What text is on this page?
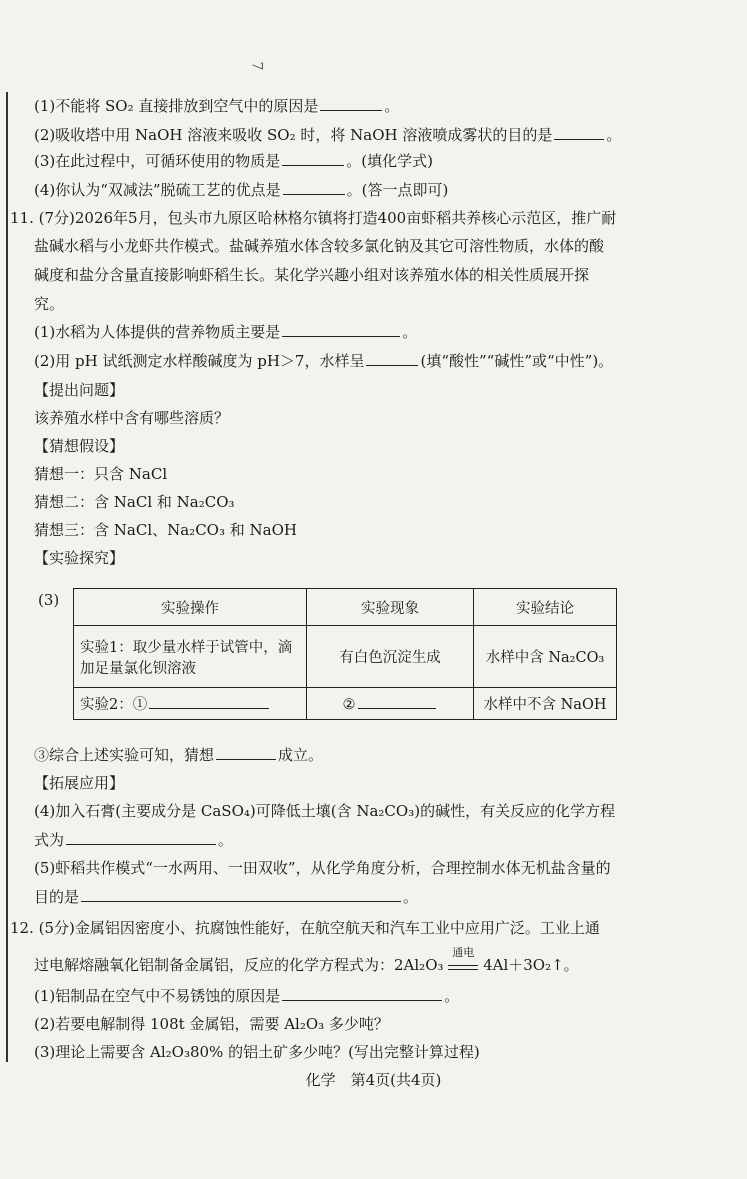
7
(1)不能将 SO₂ 直接排放到空气中的原因是	。
(2)吸收塔中用 NaOH 溶液来吸收 SO₂ 时，将 NaOH 溶液喷成雾状的目的是	。
(3)在此过程中，可循环使用的物质是	。(填化学式)
(4)你认为“双减法”脱硫工艺的优点是	。(答一点即可)
11. (7分)2026年5月，包头市九原区哈林格尔镇将打造400亩虾稻共养核心示范区，推广耐
盐碱水稻与小龙虾共作模式。盐碱养殖水体含较多氯化钠及其它可溶性物质，水体的酸
碱度和盐分含量直接影响虾稻生长。某化学兴趣小组对该养殖水体的相关性质展开探
究。
(1)水稻为人体提供的营养物质主要是	。
(2)用 pH 试纸测定水样酸碱度为 pH＞7，水样呈	(填“酸性”“碱性”或“中性”)。
【提出问题】
该养殖水样中含有哪些溶质？
【猜想假设】
猜想一：只含 NaCl
猜想二：含 NaCl 和 Na₂CO₃
猜想三：含 NaCl、Na₂CO₃ 和 NaOH
【实验探究】
(3)	实验操作	实验现象	实验结论

实验1：取少量水样于试管中，滴
加足量氯化钡溶液	有白色沉淀生成	水样中含 Na₂CO₃
实验2：①	②	水样中不含 NaOH
③综合上述实验可知，猜想	成立。
【拓展应用】
(4)加入石膏(主要成分是 CaSO₄)可降低土壤(含 Na₂CO₃)的碱性，有关反应的化学方程
式为	。
(5)虾稻共作模式“一水两用、一田双收”，从化学角度分析，合理控制水体无机盐含量的
目的是	。
12. (5分)金属铝因密度小、抗腐蚀性能好，在航空航天和汽车工业中应用广泛。工业上通
过电解熔融氧化铝制备金属铝，反应的化学方程式为：2Al₂O₃
通电
4Al＋3O₂↑。
(1)铝制品在空气中不易锈蚀的原因是	。
(2)若要电解制得 108t 金属铝，需要 Al₂O₃ 多少吨？
(3)理论上需要含 Al₂O₃80% 的铝土矿多少吨？(写出完整计算过程)
化学　第4页(共4页)
